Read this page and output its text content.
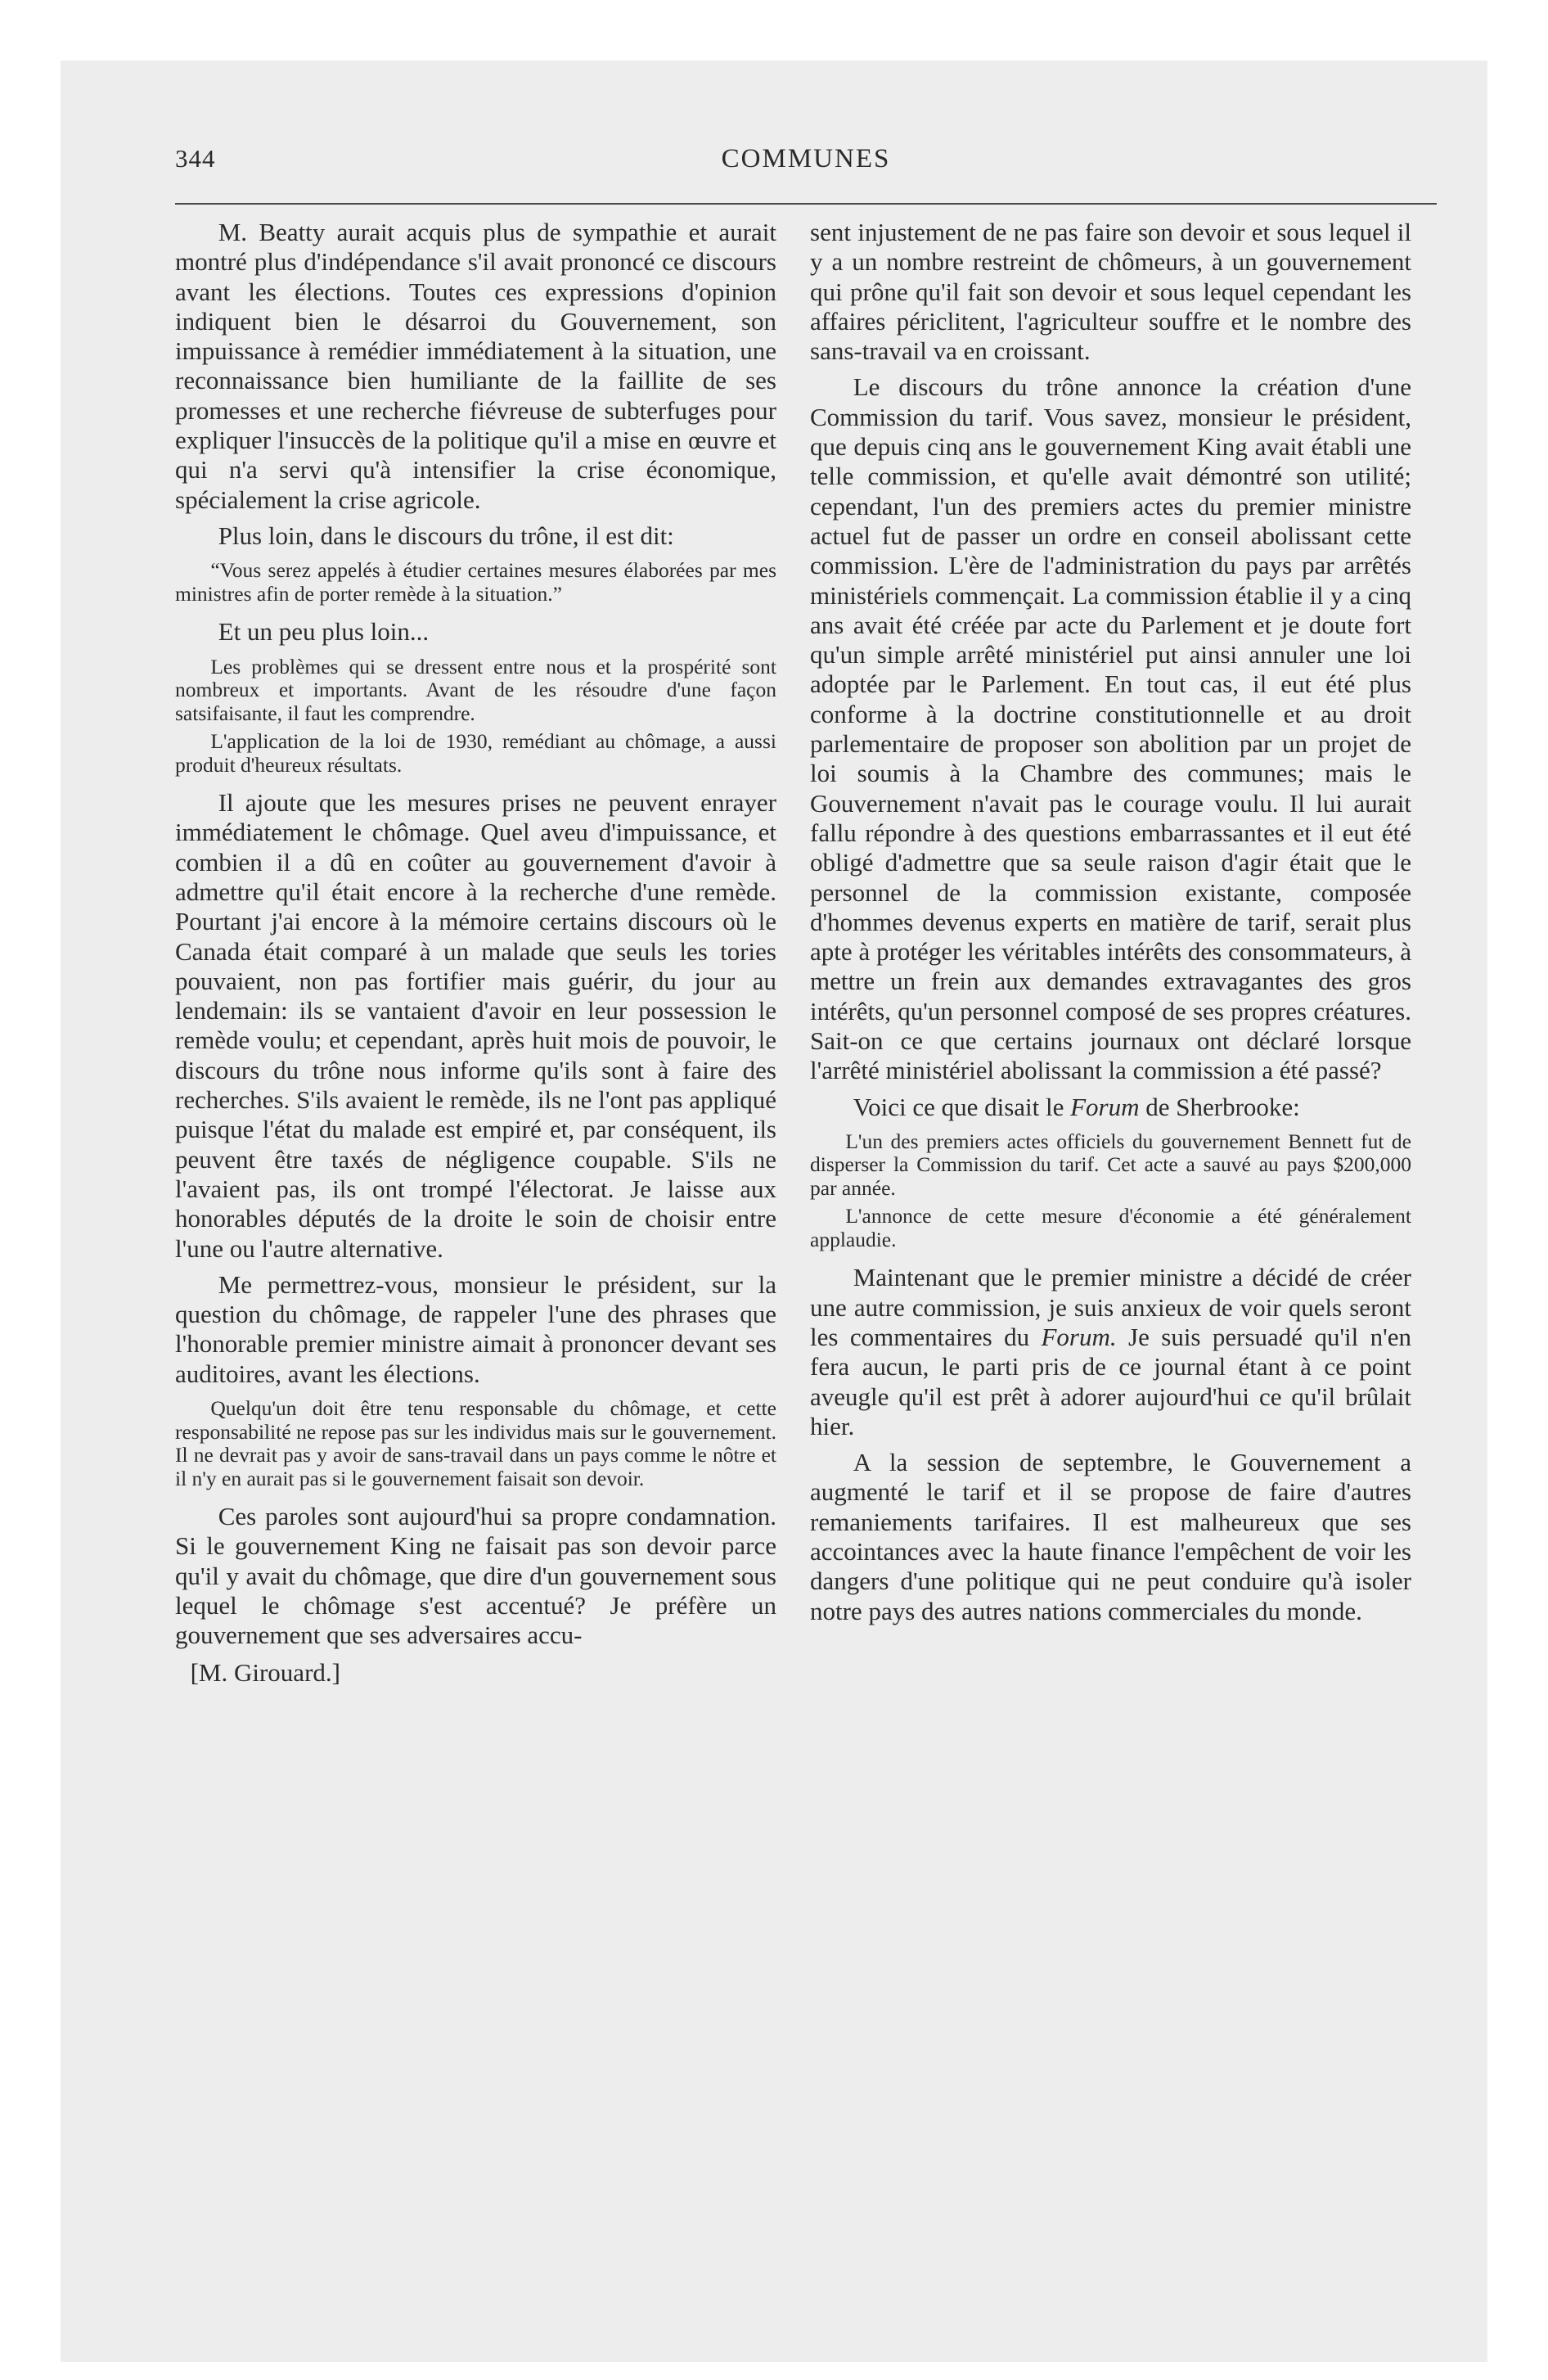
344	COMMUNES

M. Beatty aurait acquis plus de sympathie et aurait montré plus d'indépendance s'il avait prononcé ce discours avant les élections. Toutes ces expressions d'opinion indiquent bien le désarroi du Gouvernement, son impuissance à remédier immédiatement à la situation, une reconnaissance bien humiliante de la faillite de ses promesses et une recherche fiévreuse de subterfuges pour expliquer l'insuccès de la politique qu'il a mise en œuvre et qui n'a servi qu'à intensifier la crise économique, spécialement la crise agricole.

Plus loin, dans le discours du trône, il est dit:

“Vous serez appelés à étudier certaines mesures élaborées par mes ministres afin de porter remède à la situation.”

Et un peu plus loin...

Les problèmes qui se dressent entre nous et la prospérité sont nombreux et importants. Avant de les résoudre d'une façon satsifaisante, il faut les comprendre.

L'application de la loi de 1930, remédiant au chômage, a aussi produit d'heureux résultats.

Il ajoute que les mesures prises ne peuvent enrayer immédiatement le chômage. Quel aveu d'impuissance, et combien il a dû en coûter au gouvernement d'avoir à admettre qu'il était encore à la recherche d'une remède. Pourtant j'ai encore à la mémoire certains discours où le Canada était comparé à un malade que seuls les tories pouvaient, non pas fortifier mais guérir, du jour au lendemain: ils se vantaient d'avoir en leur possession le remède voulu; et cependant, après huit mois de pouvoir, le discours du trône nous informe qu'ils sont à faire des recherches. S'ils avaient le remède, ils ne l'ont pas appliqué puisque l'état du malade est empiré et, par conséquent, ils peuvent être taxés de négligence coupable. S'ils ne l'avaient pas, ils ont trompé l'électorat. Je laisse aux honorables députés de la droite le soin de choisir entre l'une ou l'autre alternative.

Me permettrez-vous, monsieur le président, sur la question du chômage, de rappeler l'une des phrases que l'honorable premier ministre aimait à prononcer devant ses auditoires, avant les élections.

Quelqu'un doit être tenu responsable du chômage, et cette responsabilité ne repose pas sur les individus mais sur le gouvernement. Il ne devrait pas y avoir de sans-travail dans un pays comme le nôtre et il n'y en aurait pas si le gouvernement faisait son devoir.

Ces paroles sont aujourd'hui sa propre condamnation. Si le gouvernement King ne faisait pas son devoir parce qu'il y avait du chômage, que dire d'un gouvernement sous lequel le chômage s'est accentué? Je préfère un gouvernement que ses adversaires accu-

[M. Girouard.]

sent injustement de ne pas faire son devoir et sous lequel il y a un nombre restreint de chômeurs, à un gouvernement qui prône qu'il fait son devoir et sous lequel cependant les affaires périclitent, l'agriculteur souffre et le nombre des sans-travail va en croissant.

Le discours du trône annonce la création d'une Commission du tarif. Vous savez, monsieur le président, que depuis cinq ans le gouvernement King avait établi une telle commission, et qu'elle avait démontré son utilité; cependant, l'un des premiers actes du premier ministre actuel fut de passer un ordre en conseil abolissant cette commission. L'ère de l'administration du pays par arrêtés ministériels commençait. La commission établie il y a cinq ans avait été créée par acte du Parlement et je doute fort qu'un simple arrêté ministériel put ainsi annuler une loi adoptée par le Parlement. En tout cas, il eut été plus conforme à la doctrine constitutionnelle et au droit parlementaire de proposer son abolition par un projet de loi soumis à la Chambre des communes; mais le Gouvernement n'avait pas le courage voulu. Il lui aurait fallu répondre à des questions embarrassantes et il eut été obligé d'admettre que sa seule raison d'agir était que le personnel de la commission existante, composée d'hommes devenus experts en matière de tarif, serait plus apte à protéger les véritables intérêts des consommateurs, à mettre un frein aux demandes extravagantes des gros intérêts, qu'un personnel composé de ses propres créatures. Sait-on ce que certains journaux ont déclaré lorsque l'arrêté ministériel abolissant la commission a été passé?

Voici ce que disait le Forum de Sherbrooke:

L'un des premiers actes officiels du gouvernement Bennett fut de disperser la Commission du tarif. Cet acte a sauvé au pays $200,000 par année.

L'annonce de cette mesure d'économie a été généralement applaudie.

Maintenant que le premier ministre a décidé de créer une autre commission, je suis anxieux de voir quels seront les commentaires du Forum. Je suis persuadé qu'il n'en fera aucun, le parti pris de ce journal étant à ce point aveugle qu'il est prêt à adorer aujourd'hui ce qu'il brûlait hier.

A la session de septembre, le Gouvernement a augmenté le tarif et il se propose de faire d'autres remaniements tarifaires. Il est malheureux que ses accointances avec la haute finance l'empêchent de voir les dangers d'une politique qui ne peut conduire qu'à isoler notre pays des autres nations commerciales du monde.
